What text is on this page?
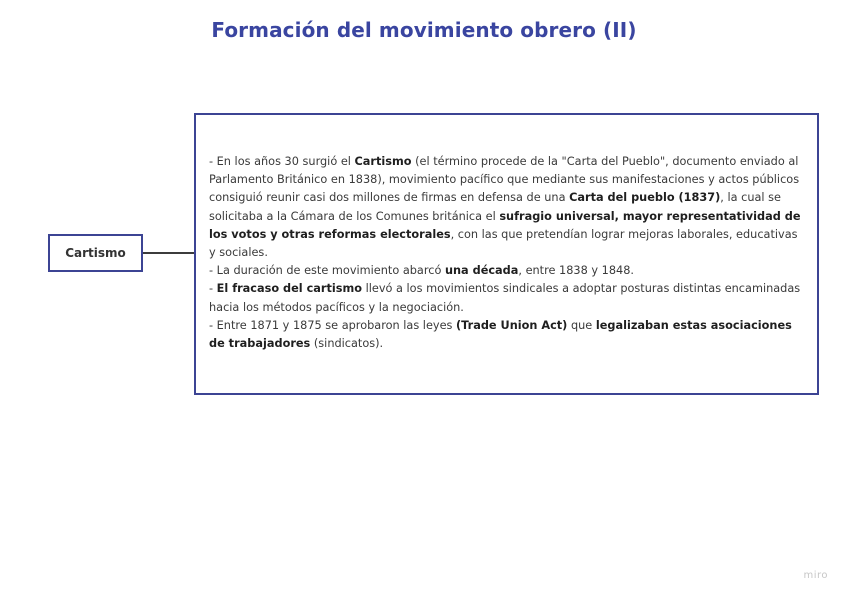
Formación del movimiento obrero (II)
Cartismo

- En los años 30 surgió el Cartismo (el término procede de la "Carta del Pueblo", documento enviado al Parlamento Británico en 1838), movimiento pacífico que mediante sus manifestaciones y actos públicos consiguió reunir casi dos millones de firmas en defensa de una Carta del pueblo (1837), la cual se solicitaba a la Cámara de los Comunes británica el sufragio universal, mayor representatividad de los votos y otras reformas electorales, con las que pretendían lograr mejoras laborales, educativas y sociales.

- La duración de este movimiento abarcó una década, entre 1838 y 1848.

- El fracaso del cartismo llevó a los movimientos sindicales a adoptar posturas distintas encaminadas hacia los métodos pacíficos y la negociación.

- Entre 1871 y 1875 se aprobaron las leyes (Trade Union Act) que legalizaban estas asociaciones de trabajadores (sindicatos).

miro
